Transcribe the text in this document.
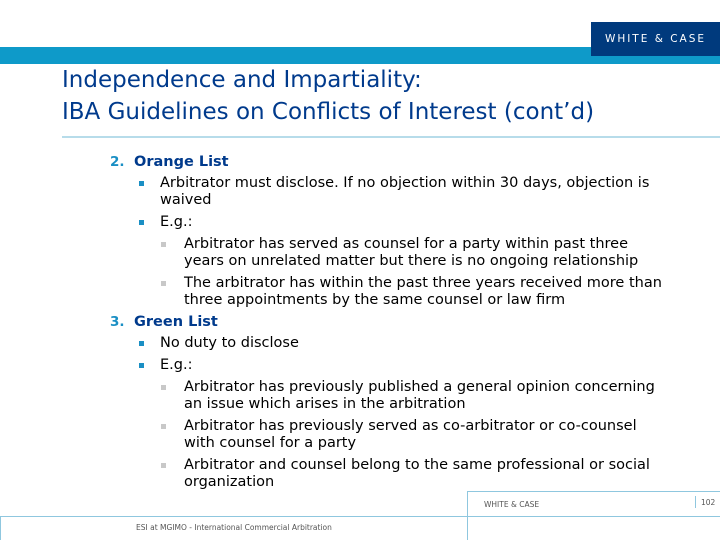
WHITE & CASE
Independence and Impartiality:
IBA Guidelines on Conflicts of Interest (cont’d)
2. Orange List
Arbitrator must disclose. If no objection within 30 days, objection is waived
E.g.:
Arbitrator has served as counsel for a party within past three years on unrelated matter but there is no ongoing relationship
The arbitrator has within the past three years received more than three appointments by the same counsel or law firm
3. Green List
No duty to disclose
E.g.:
Arbitrator has previously published a general opinion concerning an issue which arises in the arbitration
Arbitrator has previously served as co-arbitrator or co-counsel with counsel for a party
Arbitrator and counsel belong to the same professional or social organization
WHITE & CASE	102
ESI at MGIMO - International Commercial Arbitration
